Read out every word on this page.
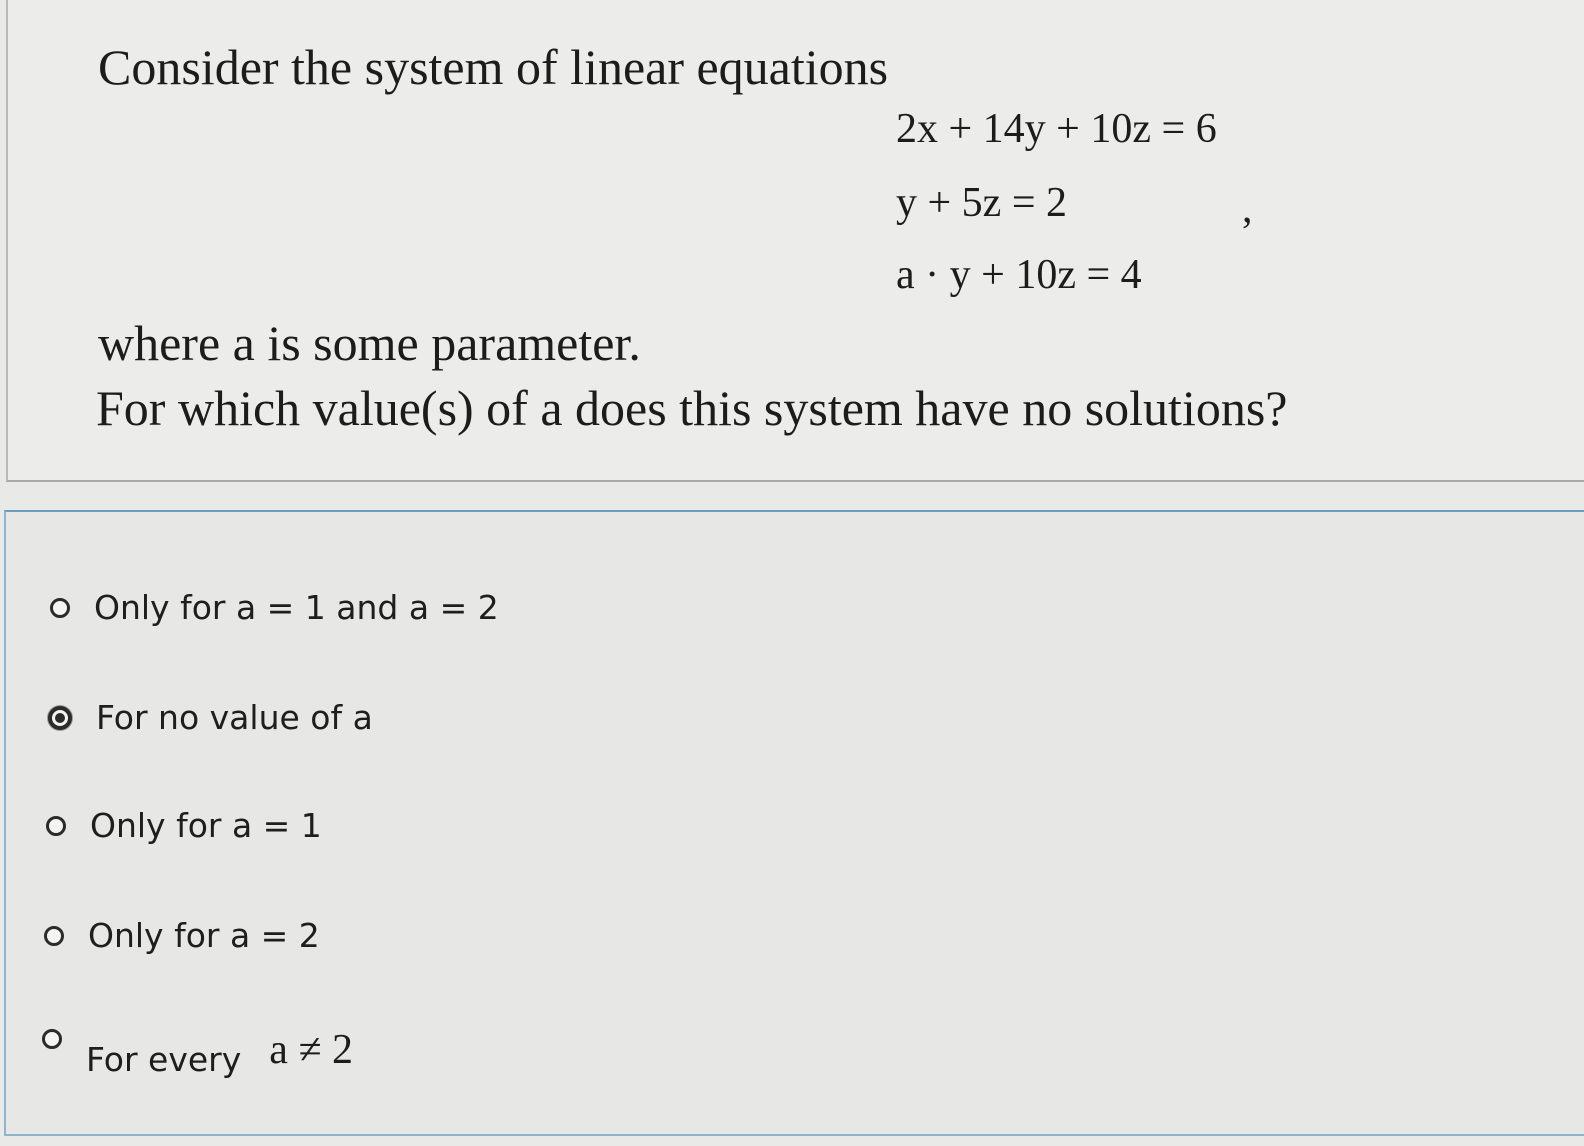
Consider the system of linear equations
2x + 14y + 10z = 6
y + 5z = 2
a · y + 10z = 4
,
where a is some parameter.
For which value(s) of a does this system have no solutions?
Only for a = 1 and a = 2
For no value of a
Only for a = 1
Only for a = 2
For every a ≠ 2
